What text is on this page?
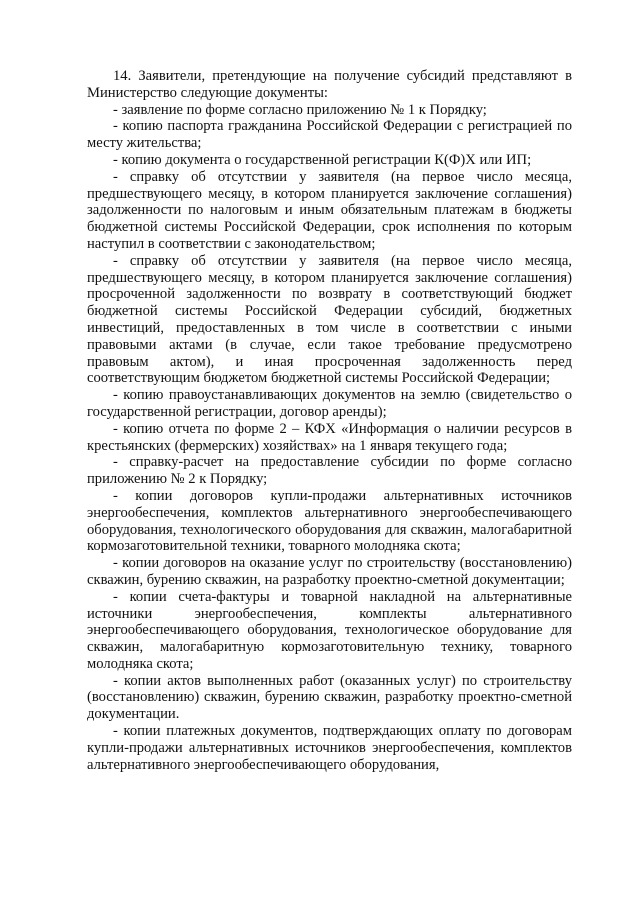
14. Заявители, претендующие на получение субсидий представляют в Министерство следующие документы:

- заявление по форме согласно приложению № 1 к Порядку;

- копию паспорта гражданина Российской Федерации с регистрацией по месту жительства;

- копию документа о государственной регистрации К(Ф)Х или ИП;

- справку об отсутствии у заявителя (на первое число месяца, предшествующего месяцу, в котором планируется заключение соглашения) задолженности по налоговым и иным обязательным платежам в бюджеты бюджетной системы Российской Федерации, срок исполнения по которым наступил в соответствии с законодательством;

- справку об отсутствии у заявителя (на первое число месяца, предшествующего месяцу, в котором планируется заключение соглашения) просроченной задолженности по возврату в соответствующий бюджет бюджетной системы Российской Федерации субсидий, бюджетных инвестиций, предоставленных в том числе в соответствии с иными правовыми актами (в случае, если такое требование предусмотрено правовым актом), и иная просроченная задолженность перед соответствующим бюджетом бюджетной системы Российской Федерации;

- копию правоустанавливающих документов на землю (свидетельство о государственной регистрации, договор аренды);

- копию отчета по форме 2 – КФХ «Информация о наличии ресурсов в крестьянских (фермерских) хозяйствах» на 1 января текущего года;

- справку-расчет на предоставление субсидии по форме согласно приложению № 2 к Порядку;

- копии договоров купли-продажи альтернативных источников энергообеспечения, комплектов альтернативного энергообеспечивающего оборудования, технологического оборудования для скважин, малогабаритной кормозаготовительной техники, товарного молодняка скота;

- копии договоров на оказание услуг по строительству (восстановлению) скважин, бурению скважин, на разработку проектно-сметной документации;

- копии счета-фактуры и товарной накладной на альтернативные источники энергообеспечения, комплекты альтернативного энергообеспечивающего оборудования, технологическое оборудование для скважин, малогабаритную кормозаготовительную технику, товарного молодняка скота;

- копии актов выполненных работ (оказанных услуг) по строительству (восстановлению) скважин, бурению скважин, разработку проектно-сметной документации.

- копии платежных документов, подтверждающих оплату по договорам купли-продажи альтернативных источников энергообеспечения, комплектов альтернативного энергообеспечивающего оборудования,
